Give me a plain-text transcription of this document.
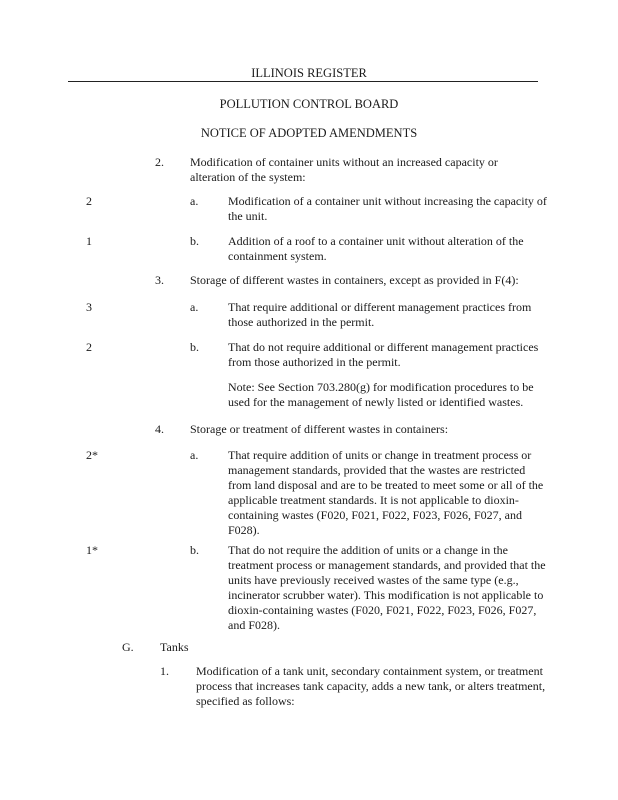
ILLINOIS REGISTER
POLLUTION CONTROL BOARD
NOTICE OF ADOPTED AMENDMENTS
2. Modification of container units without an increased capacity or alteration of the system:
2	a. Modification of a container unit without increasing the capacity of the unit.
1	b. Addition of a roof to a container unit without alteration of the containment system.
3. Storage of different wastes in containers, except as provided in F(4):
3	a. That require additional or different management practices from those authorized in the permit.
2	b. That do not require additional or different management practices from those authorized in the permit.
Note: See Section 703.280(g) for modification procedures to be used for the management of newly listed or identified wastes.
4. Storage or treatment of different wastes in containers:
2*	a. That require addition of units or change in treatment process or management standards, provided that the wastes are restricted from land disposal and are to be treated to meet some or all of the applicable treatment standards. It is not applicable to dioxin-containing wastes (F020, F021, F022, F023, F026, F027, and F028).
1*	b. That do not require the addition of units or a change in the treatment process or management standards, and provided that the units have previously received wastes of the same type (e.g., incinerator scrubber water). This modification is not applicable to dioxin-containing wastes (F020, F021, F022, F023, F026, F027, and F028).
G. Tanks
1. Modification of a tank unit, secondary containment system, or treatment process that increases tank capacity, adds a new tank, or alters treatment, specified as follows:
